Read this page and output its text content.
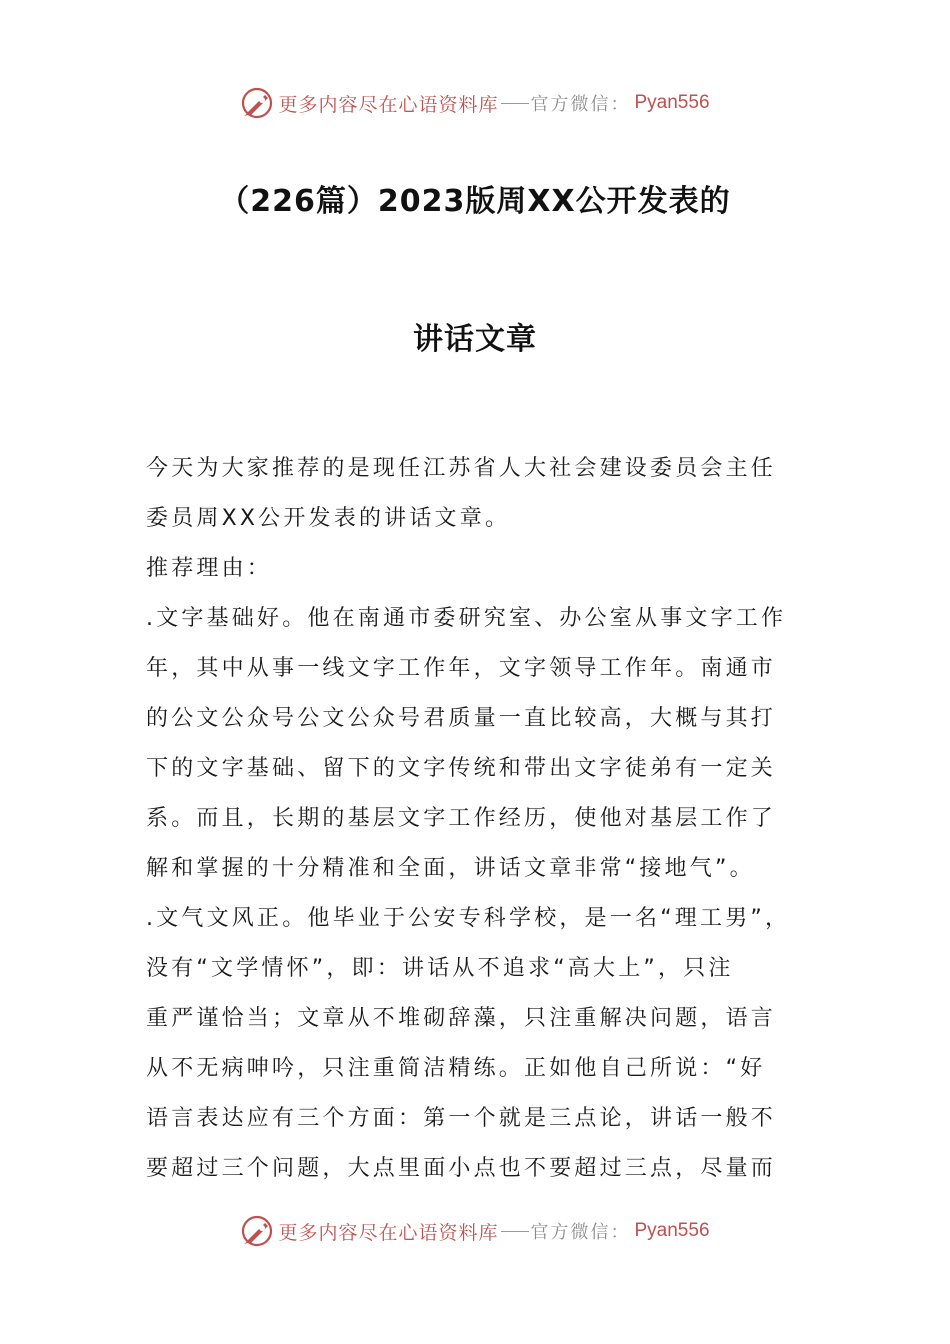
更多内容尽在心语资料库 官方微信： Pyan556
（226篇）2023版周XX公开发表的
讲话文章
今天为大家推荐的是现任江苏省人大社会建设委员会主任
委员周XX公开发表的讲话文章。
推荐理由：
.文字基础好。他在南通市委研究室、办公室从事文字工作
年，其中从事一线文字工作年，文字领导工作年。南通市
的公文公众号公文公众号君质量一直比较高，大概与其打
下的文字基础、留下的文字传统和带出文字徒弟有一定关
系。而且，长期的基层文字工作经历，使他对基层工作了
解和掌握的十分精准和全面，讲话文章非常“接地气”。
.文气文风正。他毕业于公安专科学校，是一名“理工男”，
没有“文学情怀”，即：讲话从不追求“高大上”，只注
重严谨恰当；文章从不堆砌辞藻，只注重解决问题，语言
从不无病呻吟，只注重简洁精练。正如他自己所说：“好
语言表达应有三个方面：第一个就是三点论，讲话一般不
要超过三个问题，大点里面小点也不要超过三点，尽量而
更多内容尽在心语资料库 官方微信： Pyan556
